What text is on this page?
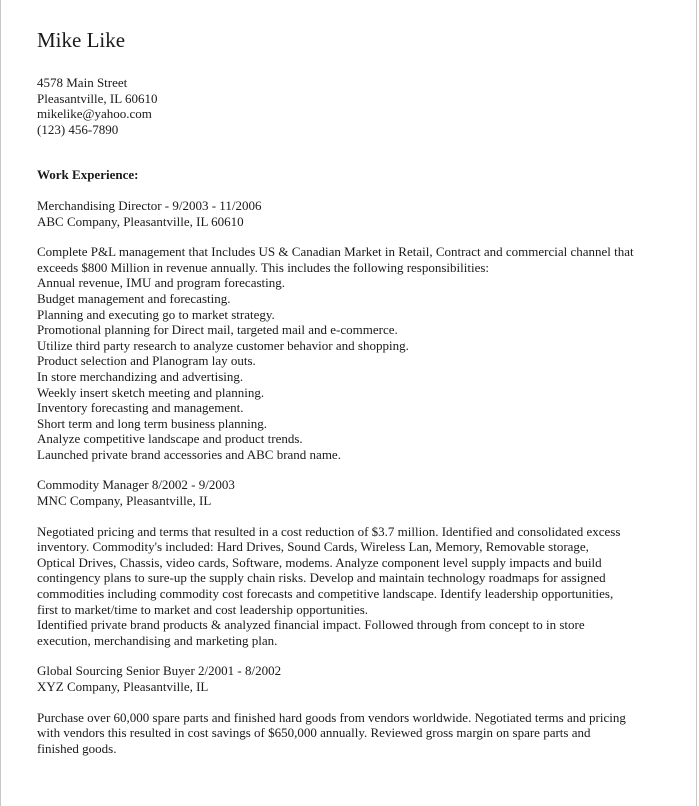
Mike Like
4578 Main Street
Pleasantville, IL 60610
mikelike@yahoo.com
(123) 456-7890
Work Experience:
Merchandising Director - 9/2003 - 11/2006
ABC Company, Pleasantville, IL 60610
Complete P&L management that Includes US & Canadian Market in Retail, Contract and commercial channel that
exceeds $800 Million in revenue annually. This includes the following responsibilities:
Annual revenue, IMU and program forecasting.
Budget management and forecasting.
Planning and executing go to market strategy.
Promotional planning for Direct mail, targeted mail and e-commerce.
Utilize third party research to analyze customer behavior and shopping.
Product selection and Planogram lay outs.
In store merchandizing and advertising.
Weekly insert sketch meeting and planning.
Inventory forecasting and management.
Short term and long term business planning.
Analyze competitive landscape and product trends.
Launched private brand accessories and ABC brand name.
Commodity Manager 8/2002 - 9/2003
MNC Company, Pleasantville, IL
Negotiated pricing and terms that resulted in a cost reduction of $3.7 million. Identified and consolidated excess
inventory. Commodity's included: Hard Drives, Sound Cards, Wireless Lan, Memory, Removable storage,
Optical Drives, Chassis, video cards, Software, modems. Analyze component level supply impacts and build
contingency plans to sure-up the supply chain risks. Develop and maintain technology roadmaps for assigned
commodities including commodity cost forecasts and competitive landscape. Identify leadership opportunities,
first to market/time to market and cost leadership opportunities.
Identified private brand products & analyzed financial impact. Followed through from concept to in store
execution, merchandising and marketing plan.
Global Sourcing Senior Buyer 2/2001 - 8/2002
XYZ Company, Pleasantville, IL
Purchase over 60,000 spare parts and finished hard goods from vendors worldwide. Negotiated terms and pricing
with vendors this resulted in cost savings of $650,000 annually. Reviewed gross margin on spare parts and
finished goods.
